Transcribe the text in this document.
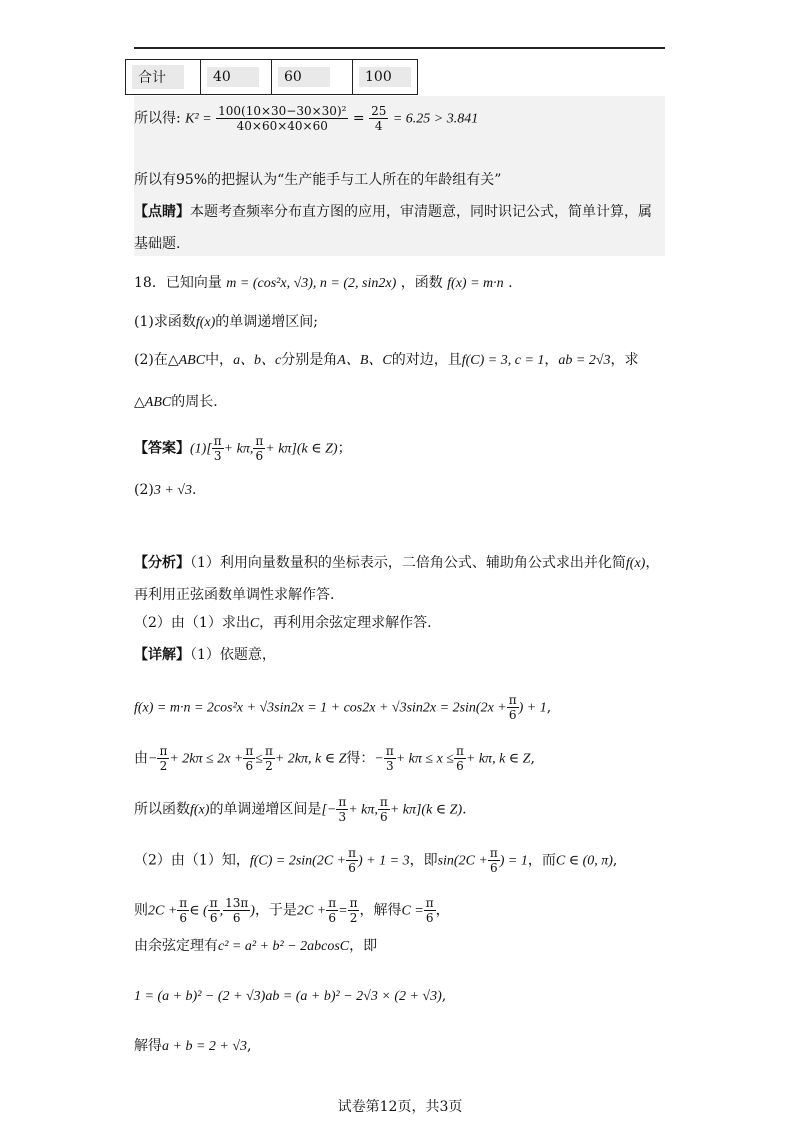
合计	40	60	100
所以得: $K^2 = \frac{\text{100(10×30−30×30)²}}{40\times 60\times 40\times 60} = \frac{25}{4} = 6.25 > 3.841$
所以有95%的把握认为“生产能手与工人所在的年龄组有关”
【点睛】本题考查频率分布直方图的应用，审清题意，同时识记公式，简单计算，属
基础题.
18．已知向量 m = (cos²x, √3), n = (2, sin2x) ，函数 f(x) = m·n .
(1)求函数f(x)的单调递增区间;
(2)在△ABC中，a、b、c分别是角A、B、C的对边，且f(C) = 3, c = 1，ab = 2√3，求
△ABC的周长.
【答案】$(1)[ \frac{\pi}{3} + k\pi$, $\frac{\pi}{6} + k\pi](k$ ∈ Z)；
(2)3 + √3.
【分析】（1）利用向量数量积的坐标表示，二倍角公式、辅助角公式求出并化简f(x)，
再利用正弦函数单调性求解作答.
（2）由（1）求出C，再利用余弦定理求解作答.
【详解】（1）依题意，
$f(x) = m\cdot n = 2\cos^2x + √3\sin 2x = 1 + \cos 2x + √3\sin 2x = 2\sin(2x + \frac{\pi}{6}$ ) + 1,
由− $\frac{\pi}{2} + 2k\pi \le 2x + \frac{\pi}{6} \le \frac{\pi}{2} + 2k\pi$, k ∈ Z得：− $\frac{\pi}{3} + k\pi \le x \le \frac{\pi}{6} + k\pi$, k ∈ Z,
所以函数f(x)的单调递增区间是[− $\frac{\pi}{3} + k\pi$, $\frac{\pi}{6} + k\pi](k$ ∈ Z).
（2）由（1）知，$f(C) = 2\sin(2C + \frac{\pi}{6}$ ) + 1 = 3，即$\sin(2C + \frac{\pi}{6}$ ) = 1，而C ∈ (0, π),
则$2C + \frac{\pi}{6}$ ∈ ( $\frac{\pi}{6}$ , $\frac{13\pi}{6}$ )，于是$2C + \frac{\pi}{6} = \frac{\pi}{2}$ ，解得$C = \frac{\pi}{6}$ ，
由余弦定理有c² = a² + b² − 2abcosC，即
1 = (a + b)² − (2 + √3)ab = (a + b)² − 2√3 × (2 + √3),
解得a + b = 2 + √3,
试卷第12页，共3页
